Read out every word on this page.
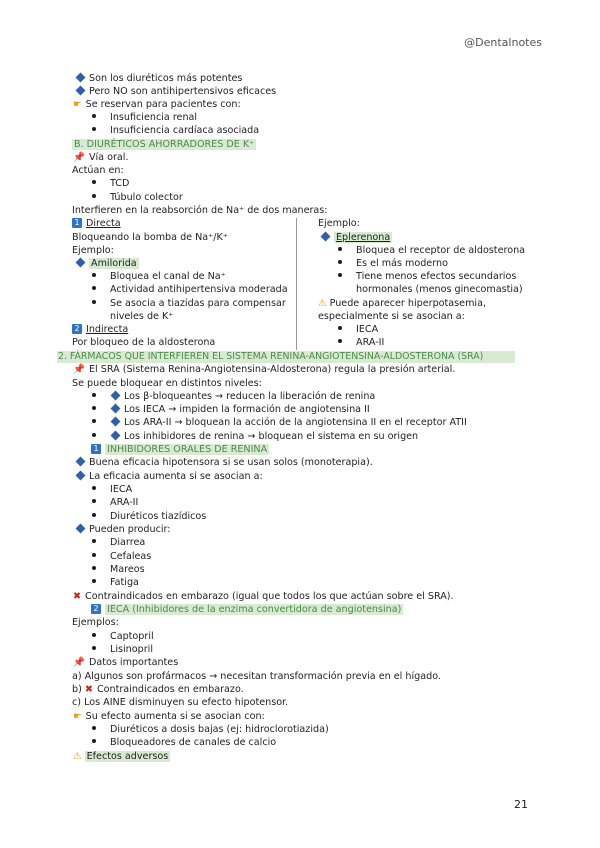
@Dentalnotes
Son los diuréticos más potentes
Pero NO son antihipertensivos eficaces
☛ Se reservan para pacientes con:
Insuficiencia renal
Insuficiencia cardíaca asociada
B. DIURÉTICOS AHORRADORES DE K⁺
📌 Vía oral.
Actúan en:
TCD
Túbulo colector
Interfieren en la reabsorción de Na⁺ de dos maneras:
1 Directa
Bloqueando la bomba de Na⁺/K⁺
Ejemplo:
Amilorida
Bloquea el canal de Na⁺
Actividad antihipertensiva moderada
Se asocia a tiazidas para compensar
niveles de K⁺
2 Indirecta
Por bloqueo de la aldosterona
Ejemplo:
Eplerenona
Bloquea el receptor de aldosterona
Es el más moderno
Tiene menos efectos secundarios
hormonales (menos ginecomastia)
⚠ Puede aparecer hiperpotasemia,
especialmente si se asocian a:
IECA
ARA-II
2. FÁRMACOS QUE INTERFIEREN EL SISTEMA RENINA-ANGIOTENSINA-ALDOSTERONA (SRA)
📌 El SRA (Sistema Renina-Angiotensina-Aldosterona) regula la presión arterial.
Se puede bloquear en distintos niveles:
Los β-bloqueantes → reducen la liberación de renina
Los IECA → impiden la formación de angiotensina II
Los ARA-II → bloquean la acción de la angiotensina II en el receptor ATII
Los inhibidores de renina → bloquean el sistema en su origen
1 INHIBIDORES ORALES DE RENINA
Buena eficacia hipotensora si se usan solos (monoterapia).
La eficacia aumenta si se asocian a:
IECA
ARA-II
Diuréticos tiazídicos
Pueden producir:
Diarrea
Cefaleas
Mareos
Fatiga
✖ Contraindicados en embarazo (igual que todos los que actúan sobre el SRA).
2 IECA (Inhibidores de la enzima convertidora de angiotensina)
Ejemplos:
Captopril
Lisinopril
📌 Datos importantes
a) Algunos son profármacos → necesitan transformación previa en el hígado.
b) ✖ Contraindicados en embarazo.
c) Los AINE disminuyen su efecto hipotensor.
☛ Su efecto aumenta si se asocian con:
Diuréticos a dosis bajas (ej: hidroclorotiazida)
Bloqueadores de canales de calcio
⚠ Efectos adversos
21
